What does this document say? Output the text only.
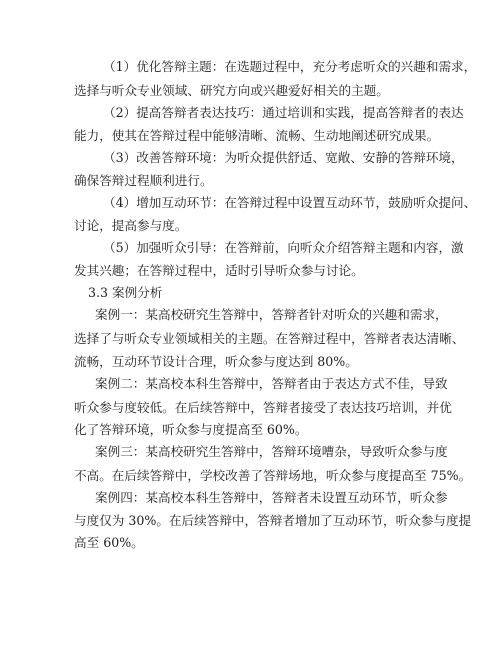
（1）优化答辩主题：在选题过程中，充分考虑听众的兴趣和需求，
选择与听众专业领域、研究方向或兴趣爱好相关的主题。
（2）提高答辩者表达技巧：通过培训和实践，提高答辩者的表达
能力，使其在答辩过程中能够清晰、流畅、生动地阐述研究成果。
（3）改善答辩环境：为听众提供舒适、宽敞、安静的答辩环境，
确保答辩过程顺利进行。
（4）增加互动环节：在答辩过程中设置互动环节，鼓励听众提问、
讨论，提高参与度。
（5）加强听众引导：在答辩前，向听众介绍答辩主题和内容，激
发其兴趣；在答辩过程中，适时引导听众参与讨论。
3.3 案例分析
案例一：某高校研究生答辩中，答辩者针对听众的兴趣和需求，
选择了与听众专业领域相关的主题。在答辩过程中，答辩者表达清晰、
流畅，互动环节设计合理，听众参与度达到 80%。
案例二：某高校本科生答辩中，答辩者由于表达方式不佳，导致
听众参与度较低。在后续答辩中，答辩者接受了表达技巧培训，并优
化了答辩环境，听众参与度提高至 60%。
案例三：某高校研究生答辩中，答辩环境嘈杂，导致听众参与度
不高。在后续答辩中，学校改善了答辩场地，听众参与度提高至 75%。
案例四：某高校本科生答辩中，答辩者未设置互动环节，听众参
与度仅为 30%。在后续答辩中，答辩者增加了互动环节，听众参与度提
高至 60%。
